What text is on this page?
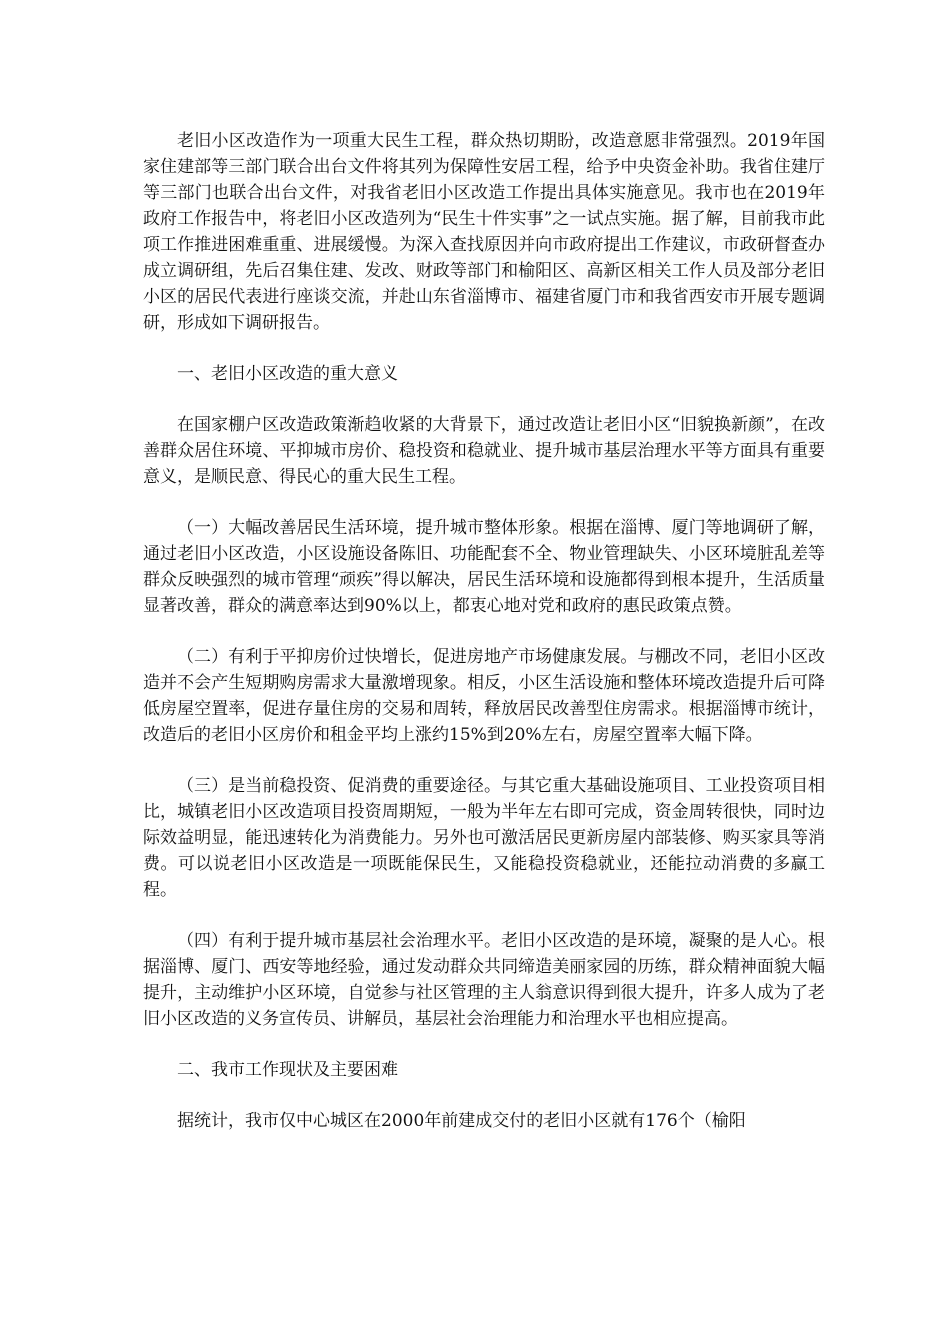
老旧小区改造作为一项重大民生工程，群众热切期盼，改造意愿非常强烈。2019年国家住建部等三部门联合出台文件将其列为保障性安居工程，给予中央资金补助。我省住建厅等三部门也联合出台文件，对我省老旧小区改造工作提出具体实施意见。我市也在2019年政府工作报告中，将老旧小区改造列为“民生十件实事”之一试点实施。据了解，目前我市此项工作推进困难重重、进展缓慢。为深入查找原因并向市政府提出工作建议，市政研督查办成立调研组，先后召集住建、发改、财政等部门和榆阳区、高新区相关工作人员及部分老旧小区的居民代表进行座谈交流，并赴山东省淄博市、福建省厦门市和我省西安市开展专题调研，形成如下调研报告。

一、老旧小区改造的重大意义

在国家棚户区改造政策渐趋收紧的大背景下，通过改造让老旧小区“旧貌换新颜”，在改善群众居住环境、平抑城市房价、稳投资和稳就业、提升城市基层治理水平等方面具有重要意义，是顺民意、得民心的重大民生工程。

（一）大幅改善居民生活环境，提升城市整体形象。根据在淄博、厦门等地调研了解，通过老旧小区改造，小区设施设备陈旧、功能配套不全、物业管理缺失、小区环境脏乱差等群众反映强烈的城市管理“顽疾”得以解决，居民生活环境和设施都得到根本提升，生活质量显著改善，群众的满意率达到90%以上，都衷心地对党和政府的惠民政策点赞。

（二）有利于平抑房价过快增长，促进房地产市场健康发展。与棚改不同，老旧小区改造并不会产生短期购房需求大量激增现象。相反，小区生活设施和整体环境改造提升后可降低房屋空置率，促进存量住房的交易和周转，释放居民改善型住房需求。根据淄博市统计，改造后的老旧小区房价和租金平均上涨约15%到20%左右，房屋空置率大幅下降。

（三）是当前稳投资、促消费的重要途径。与其它重大基础设施项目、工业投资项目相比，城镇老旧小区改造项目投资周期短，一般为半年左右即可完成，资金周转很快，同时边际效益明显，能迅速转化为消费能力。另外也可激活居民更新房屋内部装修、购买家具等消费。可以说老旧小区改造是一项既能保民生，又能稳投资稳就业，还能拉动消费的多赢工程。

（四）有利于提升城市基层社会治理水平。老旧小区改造的是环境，凝聚的是人心。根据淄博、厦门、西安等地经验，通过发动群众共同缔造美丽家园的历练，群众精神面貌大幅提升，主动维护小区环境，自觉参与社区管理的主人翁意识得到很大提升，许多人成为了老旧小区改造的义务宣传员、讲解员，基层社会治理能力和治理水平也相应提高。

二、我市工作现状及主要困难

据统计，我市仅中心城区在2000年前建成交付的老旧小区就有176个（榆阳
